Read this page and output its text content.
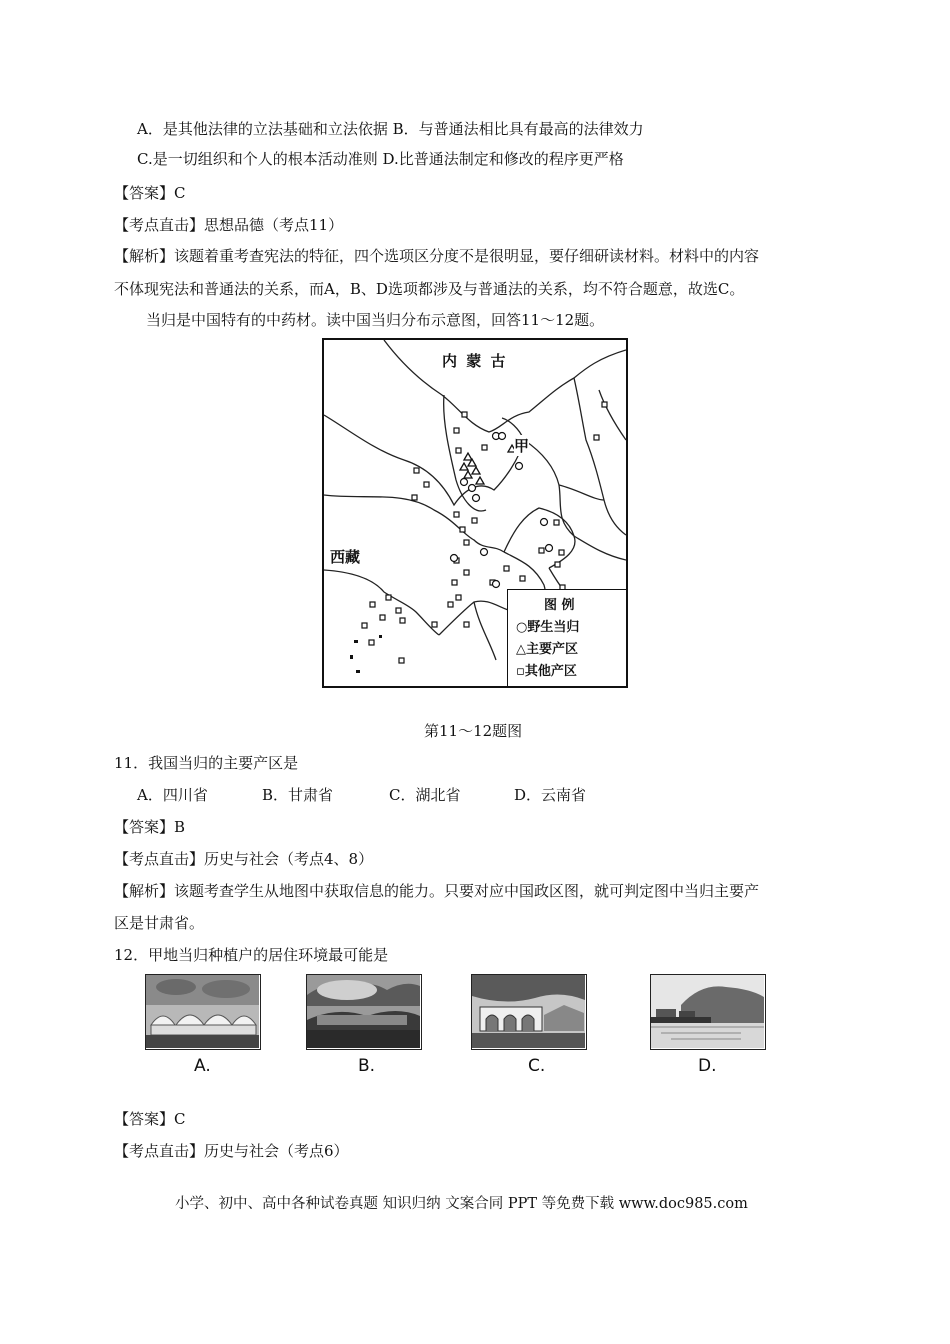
A．是其他法律的立法基础和立法依据 B．与普通法相比具有最高的法律效力
C.是一切组织和个人的根本活动准则 D.比普通法制定和修改的程序更严格
【答案】C
【考点直击】思想品德（考点11）
【解析】该题着重考查宪法的特征，四个选项区分度不是很明显，要仔细研读材料。材料中的内容
不体现宪法和普通法的关系，而A，B、D选项都涉及与普通法的关系，均不符合题意，故选C。
当归是中国特有的中药材。读中国当归分布示意图，回答11～12题。
内 蒙 古
甲
西藏
图 例
○野生当归
△主要产区
▫其他产区
第11～12题图
11．我国当归的主要产区是
A．四川省	B．甘肃省	C．湖北省	D．云南省
【答案】B
【考点直击】历史与社会（考点4、8）
【解析】该题考查学生从地图中获取信息的能力。只要对应中国政区图，就可判定图中当归主要产
区是甘肃省。
12．甲地当归种植户的居住环境最可能是
A.	B.	C.	D.
【答案】C
【考点直击】历史与社会（考点6）
小学、初中、高中各种试卷真题 知识归纳 文案合同 PPT 等免费下载 www.doc985.com
